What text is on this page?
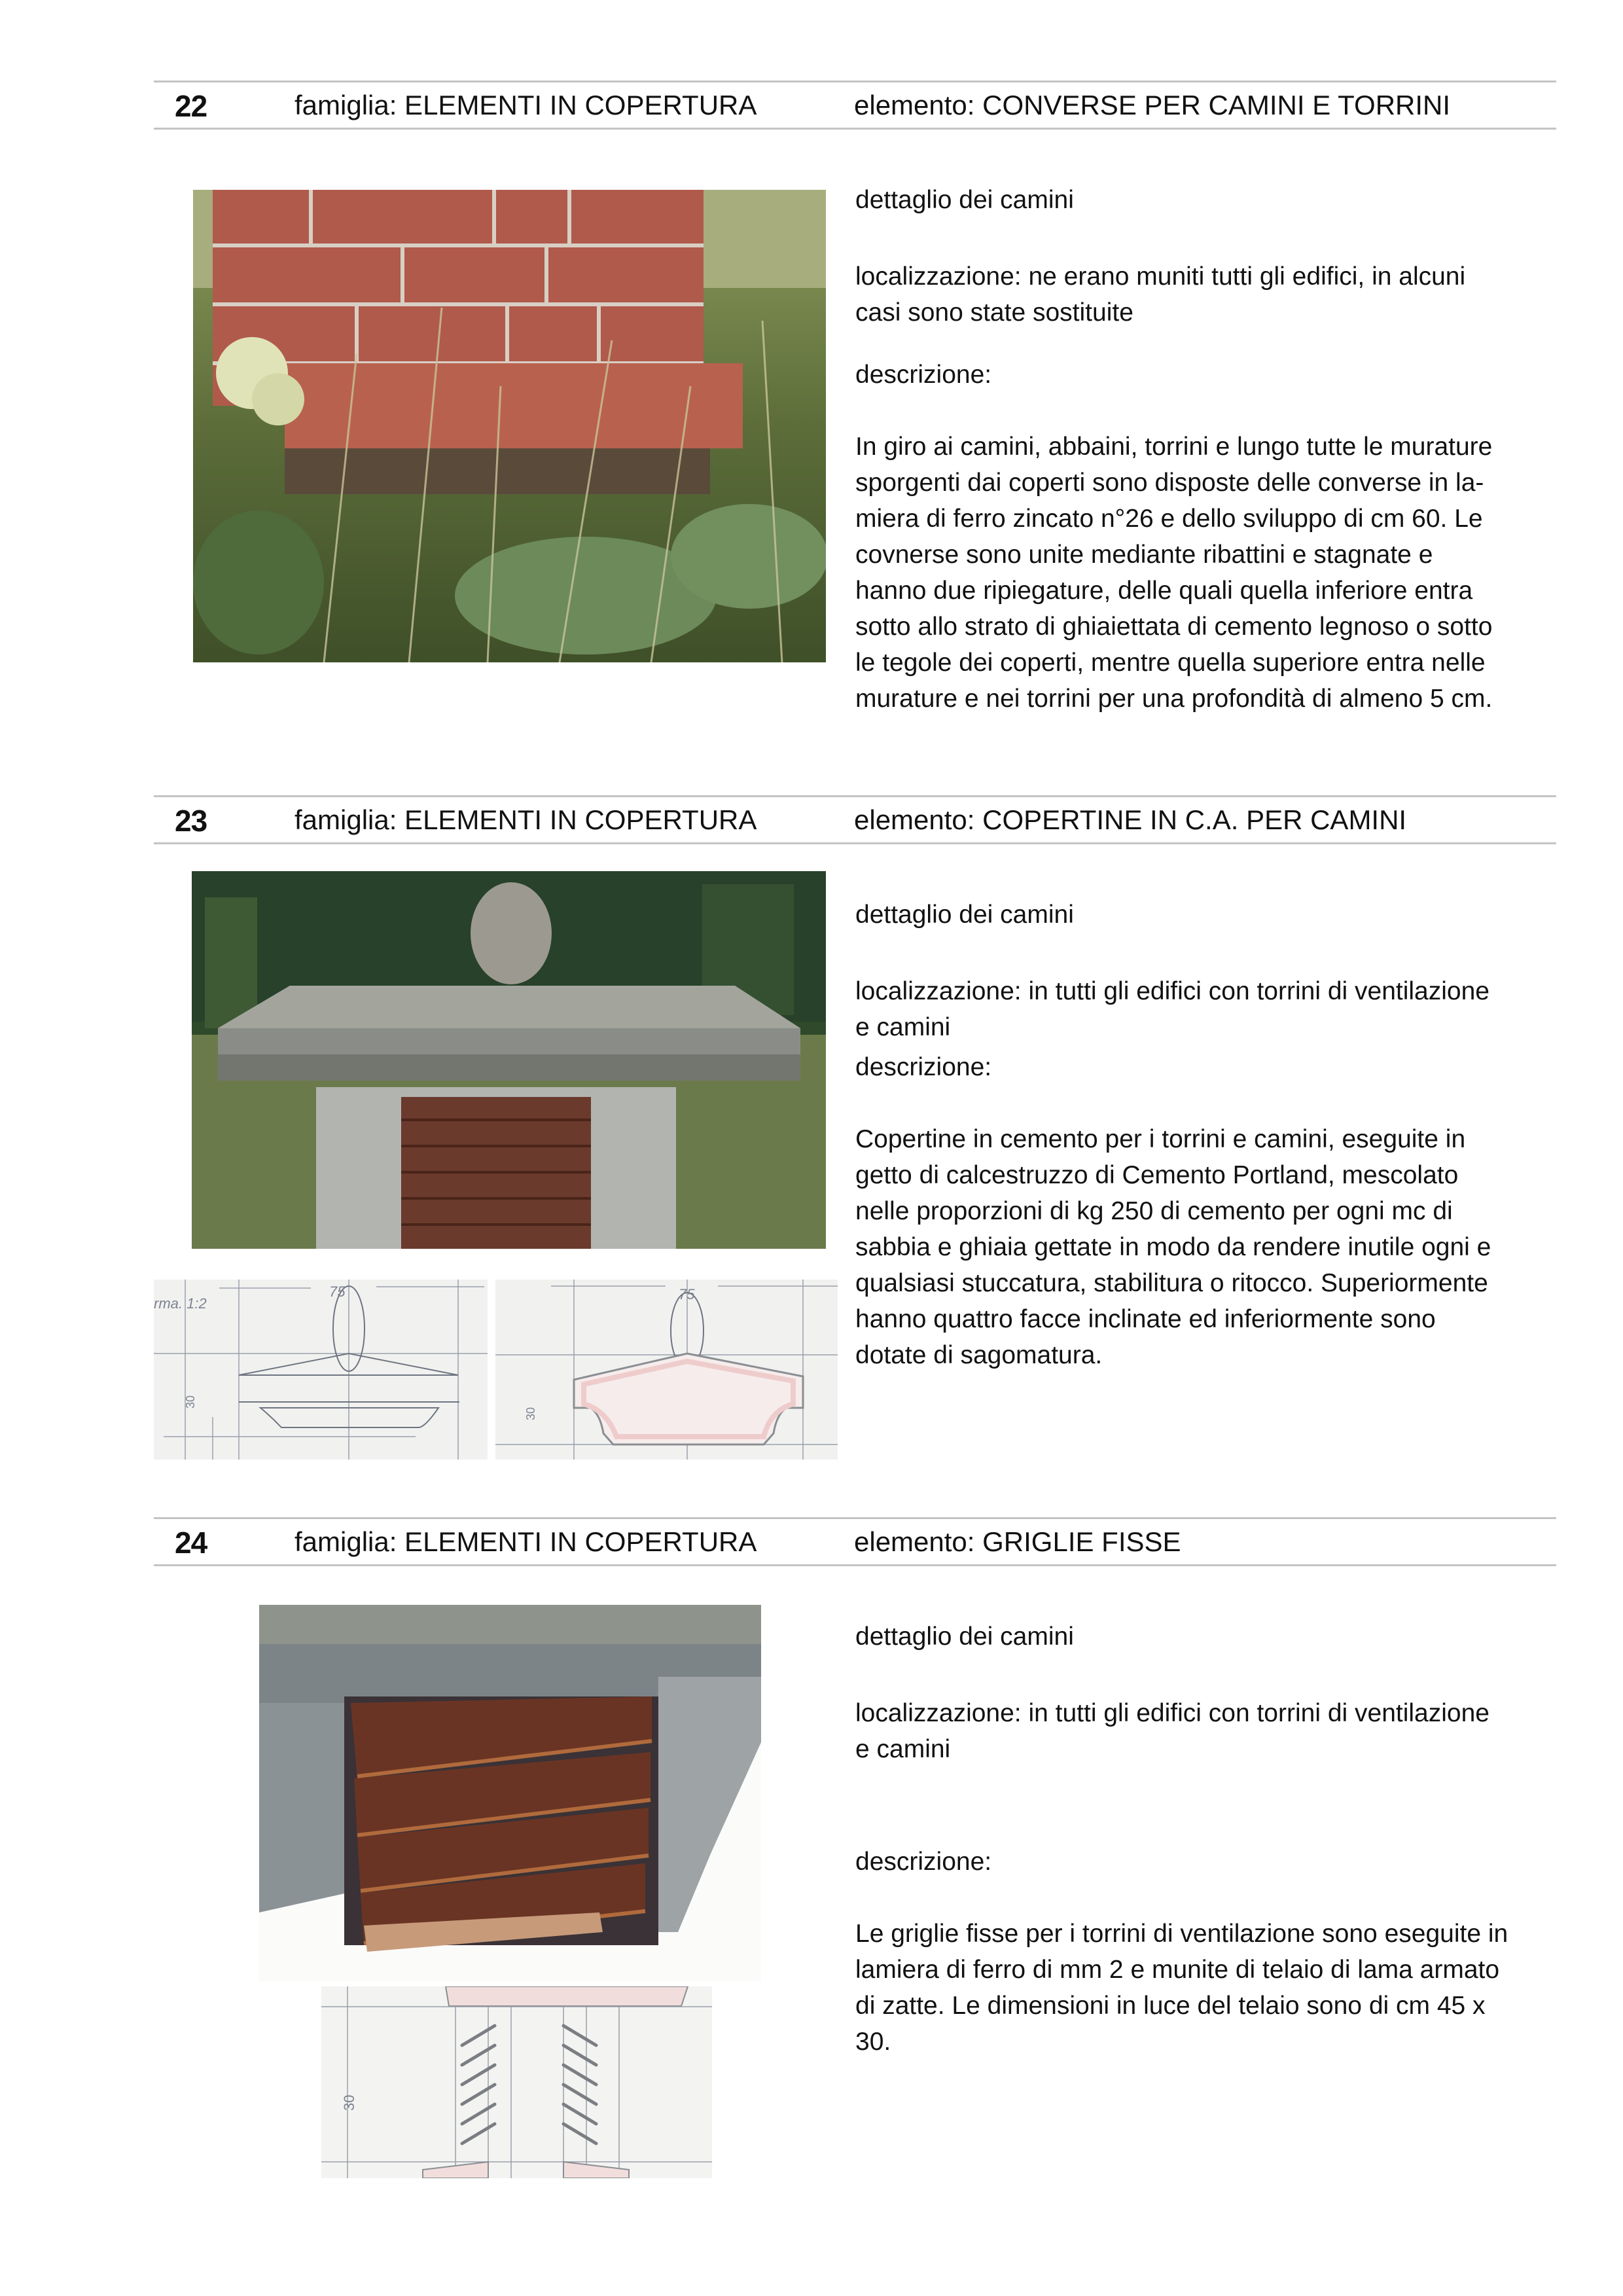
22	famiglia: ELEMENTI IN COPERTURA	elemento: CONVERSE PER CAMINI E TORRINI

dettaglio dei camini

localizzazione: ne erano muniti tutti gli edifici, in alcuni

casi sono state sostituite

descrizione:

In giro ai camini, abbaini, torrini e lungo tutte le murature

sporgenti dai coperti sono disposte delle converse in la-

miera di ferro zincato n°26 e dello sviluppo di cm 60. Le

covnerse sono unite mediante ribattini e stagnate e

hanno due ripiegature, delle quali quella inferiore entra

sotto allo strato di ghiaiettata di cemento legnoso o sotto

le tegole dei coperti, mentre quella superiore entra nelle

murature e nei torrini per una profondità di almeno 5 cm.

23	famiglia: ELEMENTI IN COPERTURA	elemento: COPERTINE IN C.A. PER CAMINI
75
rma. 1:2
30
75
30

dettaglio dei camini

localizzazione: in tutti gli edifici con torrini di ventilazione

e camini

descrizione:

Copertine in cemento per i torrini e camini, eseguite in

getto di calcestruzzo di Cemento Portland, mescolato

nelle proporzioni di kg 250 di cemento per ogni mc di

sabbia e ghiaia gettate in modo da rendere inutile ogni e

qualsiasi stuccatura, stabilitura o ritocco. Superiormente

hanno quattro facce inclinate ed inferiormente sono

dotate di sagomatura.

24	famiglia: ELEMENTI IN COPERTURA	elemento: GRIGLIE FISSE
30

dettaglio dei camini

localizzazione: in tutti gli edifici con torrini di ventilazione

e camini

descrizione:

Le griglie fisse per i torrini di ventilazione sono eseguite in

lamiera di ferro di mm 2 e munite di telaio di lama armato

di zatte. Le dimensioni in luce del telaio sono di cm 45 x

30.
